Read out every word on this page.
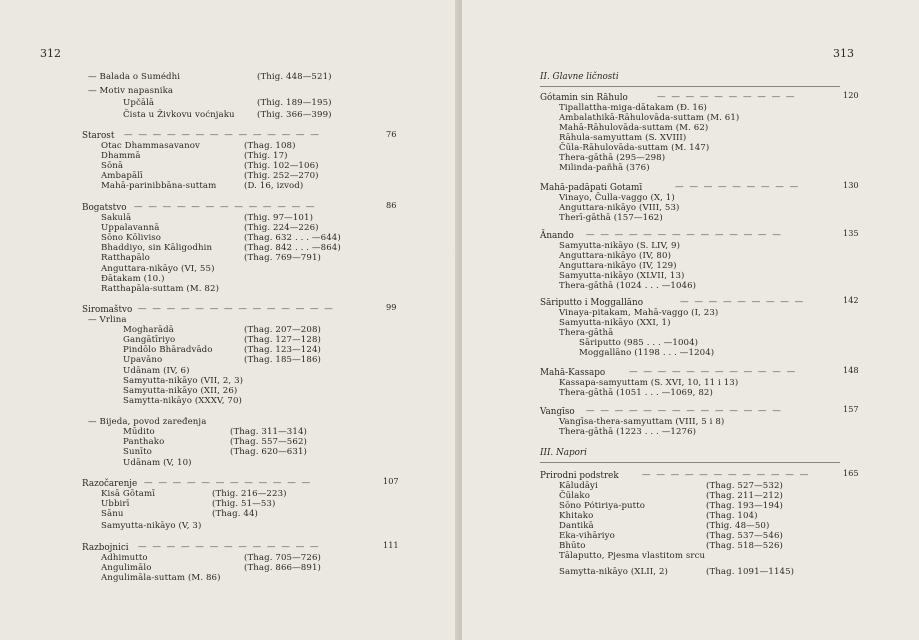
312
— Balada o Sumédhi	(Thig. 448—521)
— Motiv napasnika
Upčālā	(Thig. 189—195)
Čista u Živkovu voćnjaku	(Thig. 366—399)
Starost — — — — — — — — — — — — — —	76
Otac Dhammasavanov	(Thag. 108)
Dhammā	(Thig. 17)
Sōnā	(Thig. 102—106)
Ambapālī	(Thig. 252—270)
Mahā-parinibbāna-suttam	(D. 16, izvod)
Bogatstvo — — — — — — — — — — — — —	86
Sakulā	(Thig. 97—101)
Uppalavannā	(Thig. 224—226)
Sōno Kōliviso	(Thag. 632 . . . —644)
Bhaddiyo, sin Kāligodhin	(Thag. 842 . . . —864)
Ratthapālo	(Thag. 769—791)
Anguttara-nikāyo (VI, 55)
Ðātakam (10.)
Ratthapāla-suttam (M. 82)
Siromaštvo — — — — — — — — — — — — — —	99
— Vrlina
Mogharādā	(Thag. 207—208)
Gangātīriyo	(Thag. 127—128)
Pindōlo Bhāradvādo	(Thag. 123—124)
Upavāno	(Thag. 185—186)
Udānam (IV, 6)
Samyutta-nikāyo (VII, 2, 3)
Samyutta-nikāyo (XII, 26)
Samytta-nikāyo (XXXV, 70)
— Bijeda, povod zaređenja
Mūdito	(Thag. 311—314)
Panthako	(Thag. 557—562)
Sunīto	(Thag. 620—631)
Udānam (V, 10)
Razočarenje — — — — — — — — — — — —	107
Kisā Gōtamī	(Thig. 216—223)
Ubbirī	(Thig. 51—53)
Sānu	(Thag. 44)
Samyutta-nikāyo (V, 3)
Razbojnici — — — — — — — — — — — — —	111
Adhimutto	(Thag. 705—726)
Angulimālo	(Thag. 866—891)
Angulimāla-suttam (M. 86)
313
II. Glavne ličnosti
Gótamin sin Rāhulo	— — — — — — — — — —	120
Tipallattha-miga-dātakam (Ð. 16)
Ambalathikā-Rāhulovāda-suttam (M. 61)
Mahā-Rāhulovāda-suttam (M. 62)
Rāhula-samyuttam (S. XVIII)
Čūla-Rāhulovāda-suttam (M. 147)
Thera-gāthā (295—298)
Milinda-pañhā (376)
Mahā-padāpati Gotamī	— — — — — — — — —	130
Vinayo, Čulla-vaggo (X, 1)
Anguttara-nikāyo (VIII, 53)
Therī-gāthā (157—162)
Ānando — — — — — — — — — — — — — —	135
Samyutta-nikāyo (S. LIV, 9)
Anguttara-nikāyo (IV, 80)
Anguttara-nikāyo (IV, 129)
Samyutta-nikāyo (XLVII, 13)
Thera-gāthā (1024 . . . —1046)
Sāriputto i Moggallāno	— — — — — — — — —	142
Vinaya-pitakam, Mahā-vaggo (I, 23)
Samyutta-nikāyo (XXI, 1)
Thera-gāthā
Sāriputto (985 . . . —1004)
Moggallāno (1198 . . . —1204)
Mahā-Kassapo	— — — — — — — — — — — —	148
Kassapa-samyuttam (S. XVI, 10, 11 i 13)
Thera-gāthā (1051 . . . —1069, 82)
Vangīso — — — — — — — — — — — — — —	157
Vangīsa-thera-samyuttam (VIII, 5 i 8)
Thera-gāthā (1223 . . . —1276)
III. Napori
Prirodni podstrek	— — — — — — — — — — — —	165
Kāludāyi	(Thag. 527—532)
Čūlako	(Thag. 211—212)
Sōno Pótiriya-putto	(Thag. 193—194)
Khitako	(Thag. 104)
Dantikā	(Thig. 48—50)
Eka-vihāriyo	(Thag. 537—546)
Bhūto	(Thag. 518—526)
Tālaputto, Pjesma vlastitom srcu
Samytta-nikāyo (XLII, 2)	(Thag. 1091—1145)
